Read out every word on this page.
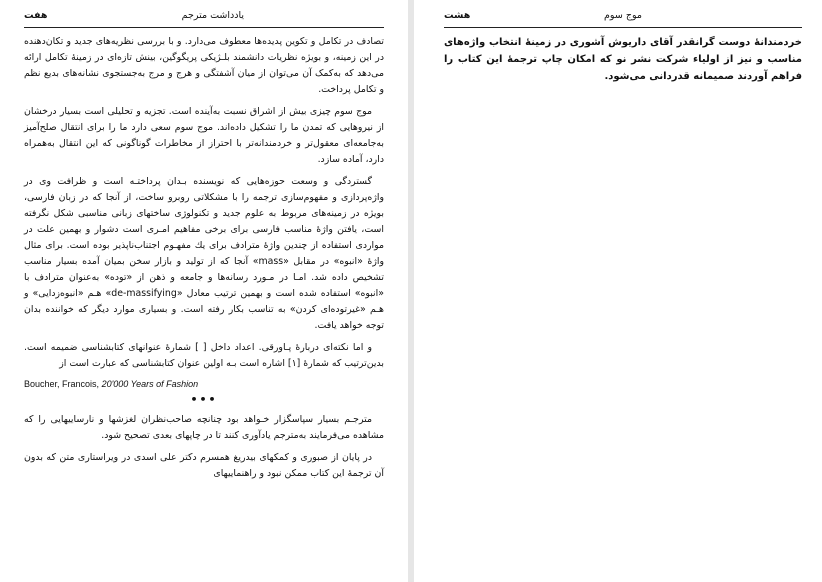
هفت	یادداشت مترجم

تصادف در تکامل و تکوین پدیده‌ها معطوف می‌دارد. و با بررسی نظریه‌های جدید و تکان‌دهنده در این زمینه، و بویژه نظریات دانشمند بلـژیکی پریگوگین، بینش تازه‌ای در زمینهٔ تکامل ارائه می‌دهد که به‌کمک آن می‌توان از میان آشفتگی و هرج و مرج به‌جستجوی نشانه‌های بدیع نظم و تکامل پرداخت.

موج سوم چیزی بیش از اشراق نسبت به‌آینده است. تجزیه و تحلیلی است بسیار درخشان از نیروهایی که تمدن ما را تشکیل داده‌اند. موج سوم سعی دارد ما را برای انتقال صلح‌آمیز به‌جامعه‌ای معقول‌تر و خردمندانه‌تر با احتراز از مخاطرات گوناگونی که این انتقال به‌همراه دارد، آماده سازد.

گستردگی و وسعت حوزه‌هایی که نویسنده بـدان پرداختـه است و ظرافت وی در واژه‌پردازی و مفهوم‌سازی ترجمه را با مشکلاتی روبرو ساخت، از آنجا که در زبان فارسی، بویژه در زمینه‌های مربوط به علوم جدید و تکنولوژی ساختهای زبانی مناسبی شکل نگرفته است، یافتن واژهٔ مناسب فارسی برای برخی مفاهیم امـری است دشوار و بهمین علت در مواردی استفاده از چندین واژهٔ مترادف برای یك مفهـوم اجتناب‌ناپذیر بوده است. برای مثال واژهٔ «انبوه» در مقابل «mass» آنجا که از تولید و بازار سخن بمیان آمده بسیار مناسب تشخیص داده شد. امـا در مـورد رسانه‌ها و جامعه و ذهن از «توده» به‌عنوان مترادف با «انبوه» استفاده شده است و بهمین ترتیب معادل «de-massifying» هـم «انبوه‌زدایی» و هـم «غیرتوده‌ای کردن» به تناسب بکار رفته است. و بسیاری موارد دیگر که خواننده بدان توجه خواهد یافت.

و اما نکته‌ای دربارهٔ پـاورقی. اعداد داخل [ ] شمارهٔ عنوانهای کتابشناسی ضمیمه است. بدین‌ترتیب که شمارهٔ [۱] اشاره است بـه اولین عنوان کتابشناسی که عبارت است از

Boucher, Francois, 20'000 Years of Fashion
•••

مترجـم بسیار سپاسگزار خـواهد بود چنانچه صاحب‌نظران لغزشها و نارساییهایی را که مشاهده می‌فرمایند به‌مترجم یادآوری کنند تا در چاپهای بعدی تصحیح شود.

در پایان از صبوری و کمکهای بیدریغ همسرم دکتر علی اسدی در ویراستاری متن که بدون آن ترجمهٔ این کتاب ممکن نبود و راهنماییهای

هشت	موج سوم

خردمندانهٔ دوست گرانقدر آقای داریوش آشوری در زمینهٔ انتخاب واژه‌های مناسب و نیز از اولیاء شرکت نشر نو که امکان چاپ ترجمهٔ این کتاب را فراهم آوردند صمیمانه قدردانی می‌شود.
